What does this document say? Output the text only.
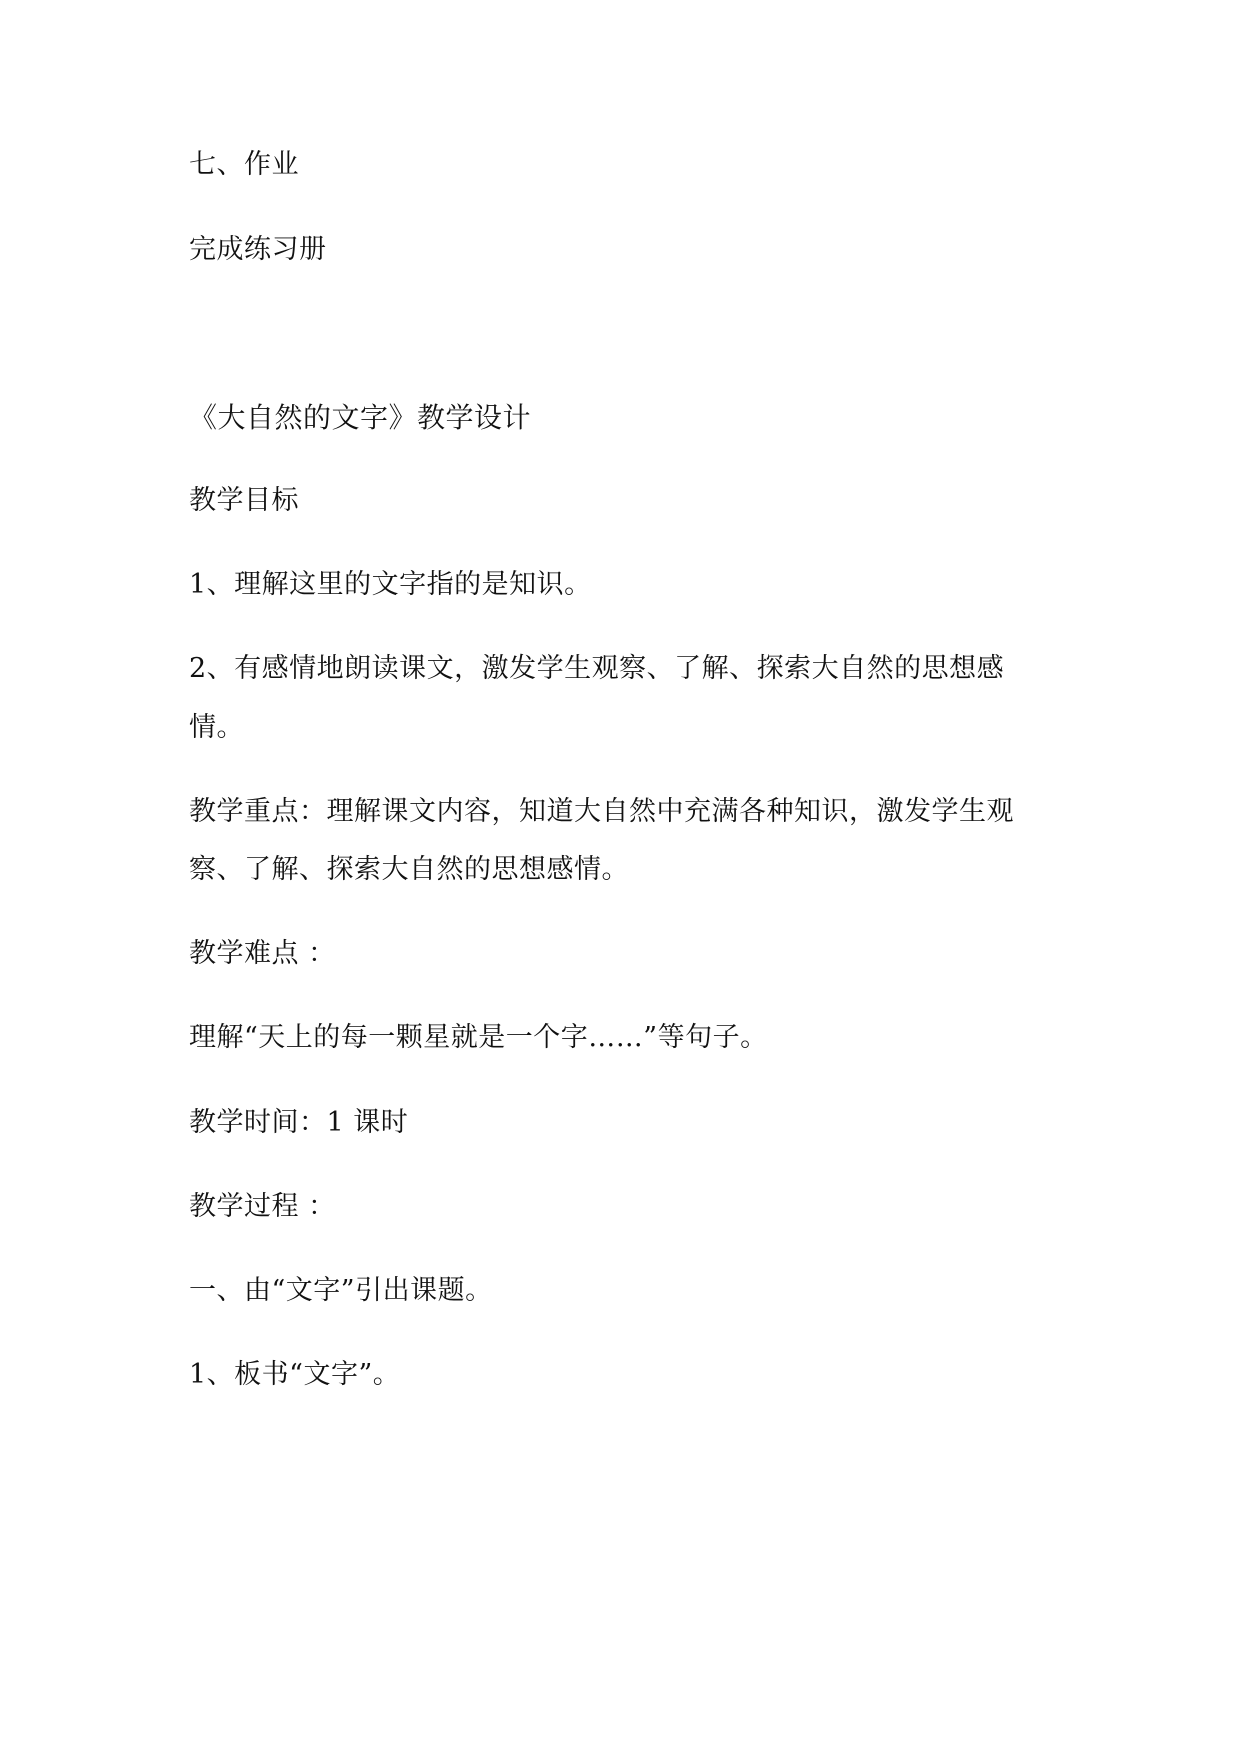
七、作业
完成练习册
《大自然的文字》教学设计
教学目标
1、理解这里的文字指的是知识。
2、有感情地朗读课文，激发学生观察、了解、探索大自然的思想感
情。
教学重点：理解课文内容，知道大自然中充满各种知识，激发学生观
察、了解、探索大自然的思想感情。
教学难点 ：
理解“天上的每一颗星就是一个字……”等句子。
教学时间：1 课时
教学过程 ：
一、由“文字”引出课题。
1、板书“文字”。
